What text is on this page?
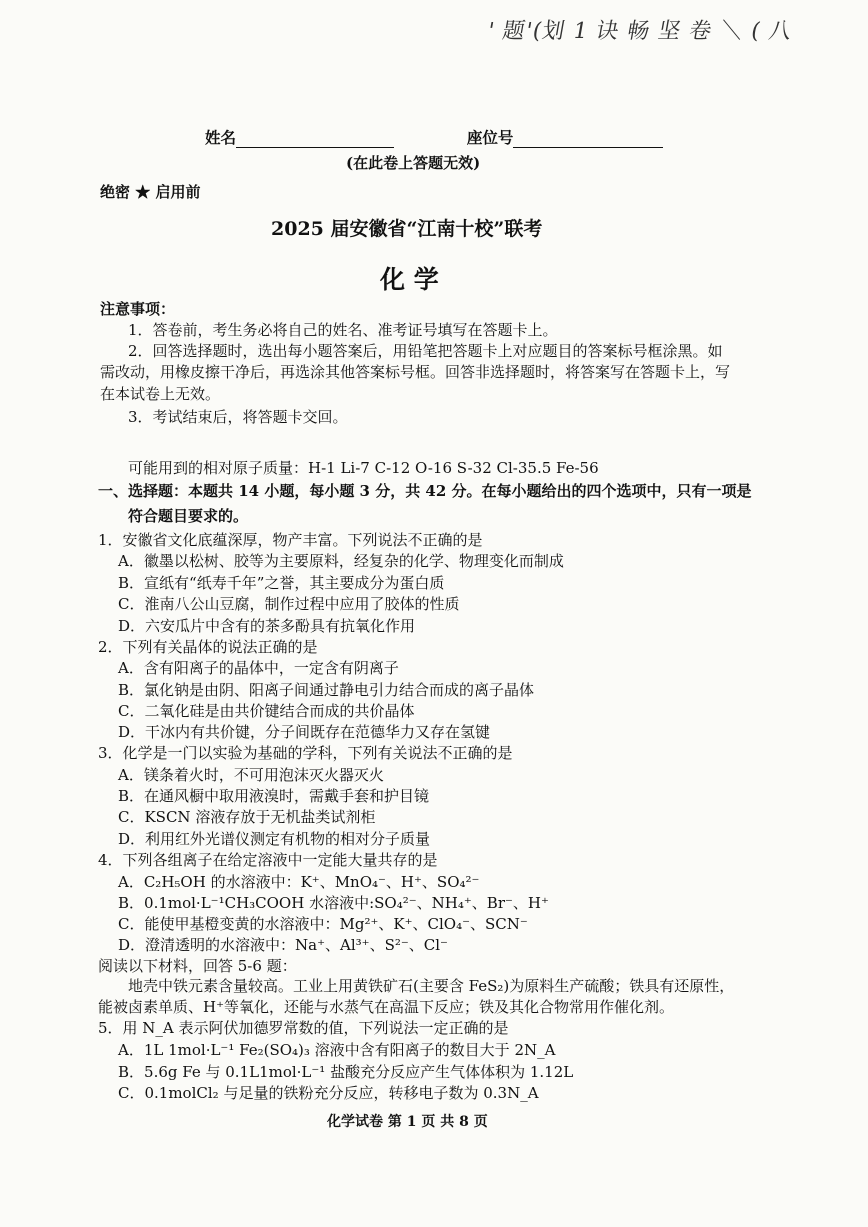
' 题'(划 1 诀 畅 坚 卷 ＼ ( 八
姓名	座位号
(在此卷上答题无效)
绝密 ★ 启用前
2025 届安徽省“江南十校”联考
化 学
注意事项：
1．答卷前，考生务必将自己的姓名、准考证号填写在答题卡上。
2．回答选择题时，选出每小题答案后，用铅笔把答题卡上对应题目的答案标号框涂黑。如
需改动，用橡皮擦干净后，再选涂其他答案标号框。回答非选择题时，将答案写在答题卡上，写
在本试卷上无效。
3．考试结束后，将答题卡交回。
可能用到的相对原子质量：H-1 Li-7 C-12 O-16 S-32 Cl-35.5 Fe-56
一、选择题：本题共 14 小题，每小题 3 分，共 42 分。在每小题给出的四个选项中，只有一项是
符合题目要求的。
1．安徽省文化底蕴深厚，物产丰富。下列说法不正确的是
A．徽墨以松树、胶等为主要原料，经复杂的化学、物理变化而制成
B．宣纸有“纸寿千年”之誉，其主要成分为蛋白质
C．淮南八公山豆腐，制作过程中应用了胶体的性质
D．六安瓜片中含有的茶多酚具有抗氧化作用
2．下列有关晶体的说法正确的是
A．含有阳离子的晶体中，一定含有阴离子
B．氯化钠是由阴、阳离子间通过静电引力结合而成的离子晶体
C．二氧化硅是由共价键结合而成的共价晶体
D．干冰内有共价键，分子间既存在范德华力又存在氢键
3．化学是一门以实验为基础的学科，下列有关说法不正确的是
A．镁条着火时，不可用泡沫灭火器灭火
B．在通风橱中取用液溴时，需戴手套和护目镜
C．KSCN 溶液存放于无机盐类试剂柜
D．利用红外光谱仪测定有机物的相对分子质量
4．下列各组离子在给定溶液中一定能大量共存的是
A．C₂H₅OH 的水溶液中：K⁺、MnO₄⁻、H⁺、SO₄²⁻
B．0.1mol·L⁻¹CH₃COOH 水溶液中:SO₄²⁻、NH₄⁺、Br⁻、H⁺
C．能使甲基橙变黄的水溶液中：Mg²⁺、K⁺、ClO₄⁻、SCN⁻
D．澄清透明的水溶液中：Na⁺、Al³⁺、S²⁻、Cl⁻
阅读以下材料，回答 5-6 题：
地壳中铁元素含量较高。工业上用黄铁矿石(主要含 FeS₂)为原料生产硫酸；铁具有还原性，
能被卤素单质、H⁺等氧化，还能与水蒸气在高温下反应；铁及其化合物常用作催化剂。
5．用 N_A 表示阿伏加德罗常数的值，下列说法一定正确的是
A．1L 1mol·L⁻¹ Fe₂(SO₄)₃ 溶液中含有阳离子的数目大于 2N_A
B．5.6g Fe 与 0.1L1mol·L⁻¹ 盐酸充分反应产生气体体积为 1.12L
C．0.1molCl₂ 与足量的铁粉充分反应，转移电子数为 0.3N_A
化学试卷 第 1 页 共 8 页
